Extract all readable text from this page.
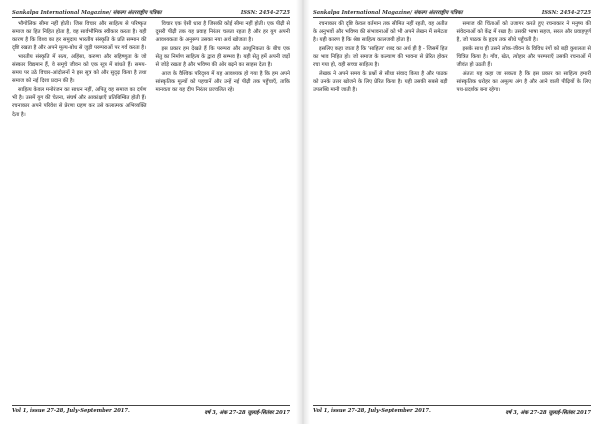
Sankalpa International Magazine/ संकल्प अंतरराष्ट्रीय पत्रिका	ISSN: 2454-2725

भौगोलिक सीमा नहीं होती। जिस विचार और साहित्य से परिष्कृत समाज का हित निहित होता है, वह सार्वभौमिक स्वीकार करता है। यही कारण है कि विश्व का हर समुदाय भारतीय संस्कृति के प्रति सम्मान की दृष्टि रखता है और अपने मूल्य-बोध से जुड़ी परम्पराओं पर गर्व करता है।

भारतीय संस्कृति में सत्य, अहिंसा, करुणा और सहिष्णुता के जो संस्कार विद्यमान हैं, वे समूचे जीवन को एक सूत्र में बांधते हैं। समय-समय पर उठे विचार-आंदोलनों ने इस सूत्र को और सुदृढ़ किया है तथा समाज को नई दिशा प्रदान की है।

साहित्य केवल मनोरंजन का साधन नहीं, अपितु वह समाज का दर्पण भी है। उसमें युग की चेतना, संघर्ष और आकांक्षाएँ प्रतिबिम्बित होती हैं। रचनाकार अपने परिवेश से प्रेरणा ग्रहण कर उसे कलात्मक अभिव्यक्ति देता है।

विचार एक ऐसी धारा है जिसकी कोई सीमा नहीं होती। एक पीढ़ी से दूसरी पीढ़ी तक यह प्रवाह निरंतर चलता रहता है और हर युग अपनी आवश्यकता के अनुरूप उसका नया अर्थ खोजता है।

इस प्रकार हम देखते हैं कि परम्परा और आधुनिकता के बीच एक सेतु का निर्माण साहित्य के द्वारा ही सम्भव है। यही सेतु हमें अपनी जड़ों से जोड़े रखता है और भविष्य की ओर बढ़ने का साहस देता है।

आज के वैश्विक परिदृश्य में यह आवश्यक हो गया है कि हम अपने सांस्कृतिक मूल्यों को पहचानें और उन्हें नई पीढ़ी तक पहुँचाएँ, ताकि मानवता का यह दीप निरंतर प्रज्वलित रहे।

Vol 1, issue 27-28, July-September 2017.	वर्ष 3, अंक 27-28 जुलाई-सितंबर 2017
Sankalpa International Magazine/ संकल्प अंतरराष्ट्रीय पत्रिका	ISSN: 2454-2725

रचनाकार की दृष्टि केवल वर्तमान तक सीमित नहीं रहती, वह अतीत के अनुभवों और भविष्य की संभावनाओं को भी अपने लेखन में समेटता है। यही कारण है कि श्रेष्ठ साहित्य कालजयी होता है।

इसलिए कहा जाता है कि 'साहित्य' शब्द का अर्थ ही है - जिसमें हित का भाव निहित हो। जो समाज के कल्याण की भावना से प्रेरित होकर रचा गया हो, वही सच्चा साहित्य है।

लेखक ने अपने समय के प्रश्नों से सीधा संवाद किया है और पाठक को उनके उत्तर खोजने के लिए प्रेरित किया है। यही उसकी सबसे बड़ी उपलब्धि मानी जाती है।

समाज की चिंताओं को उजागर करते हुए रचनाकार ने मनुष्य की संवेदनाओं को केंद्र में रखा है। उसकी भाषा सहज, सरल और प्रवाहपूर्ण है, जो पाठक के हृदय तक सीधे पहुँचती है।

इसके साथ ही उसने लोक-जीवन के विविध रंगों को बड़ी कुशलता से चित्रित किया है। गाँव, खेत, त्योहार और परम्पराएँ उसकी रचनाओं में जीवंत हो उठती हैं।

अंततः यह कहा जा सकता है कि इस प्रकार का साहित्य हमारी सांस्कृतिक धरोहर का अमूल्य अंग है और आने वाली पीढ़ियों के लिए पथ-प्रदर्शक बना रहेगा।

Vol 1, issue 27-28, July-September 2017.	वर्ष 3, अंक 27-28 जुलाई-सितंबर 2017
